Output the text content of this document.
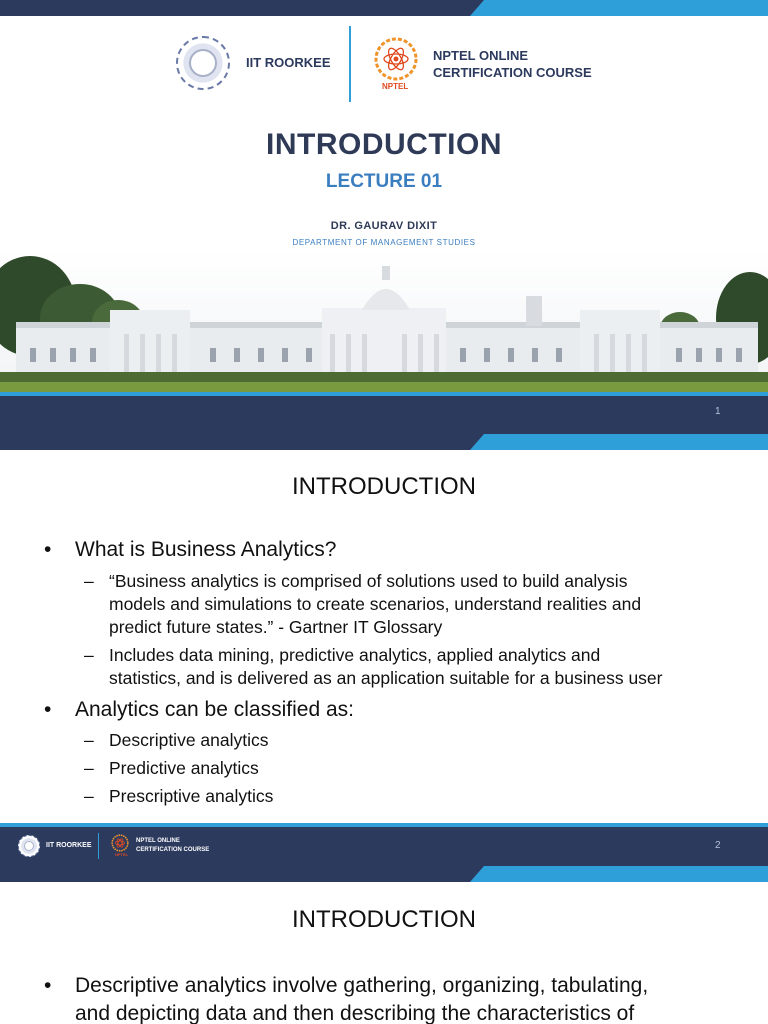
IIT ROORKEE
NPTEL
NPTEL ONLINE
CERTIFICATION COURSE
INTRODUCTION
LECTURE 01
DR. GAURAV DIXIT
DEPARTMENT OF MANAGEMENT STUDIES
1
INTRODUCTION
• What is Business Analytics?
– “Business analytics is comprised of solutions used to build analysis
models and simulations to create scenarios, understand realities and
predict future states.” - Gartner IT Glossary
– Includes data mining, predictive analytics, applied analytics and
statistics, and is delivered as an application suitable for a business user
• Analytics can be classified as:
– Descriptive analytics
– Predictive analytics
– Prescriptive analytics
IIT ROORKEE
NPTEL
NPTEL ONLINE
CERTIFICATION COURSE	2
INTRODUCTION
• Descriptive analytics involve gathering, organizing, tabulating,
and depicting data and then describing the characteristics of
